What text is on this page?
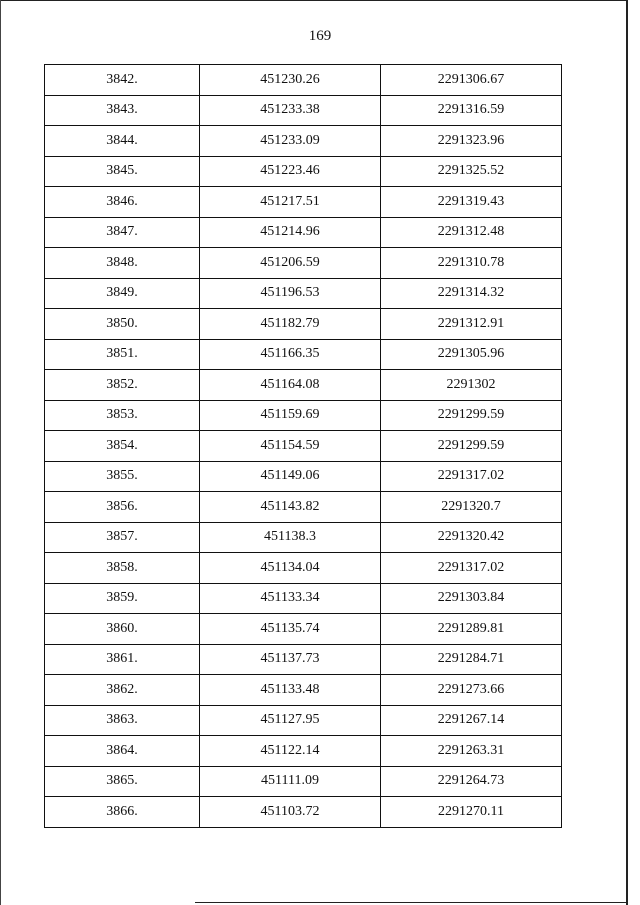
169
3842.	451230.26	2291306.67
3843.	451233.38	2291316.59
3844.	451233.09	2291323.96
3845.	451223.46	2291325.52
3846.	451217.51	2291319.43
3847.	451214.96	2291312.48
3848.	451206.59	2291310.78
3849.	451196.53	2291314.32
3850.	451182.79	2291312.91
3851.	451166.35	2291305.96
3852.	451164.08	2291302
3853.	451159.69	2291299.59
3854.	451154.59	2291299.59
3855.	451149.06	2291317.02
3856.	451143.82	2291320.7
3857.	451138.3	2291320.42
3858.	451134.04	2291317.02
3859.	451133.34	2291303.84
3860.	451135.74	2291289.81
3861.	451137.73	2291284.71
3862.	451133.48	2291273.66
3863.	451127.95	2291267.14
3864.	451122.14	2291263.31
3865.	451111.09	2291264.73
3866.	451103.72	2291270.11
